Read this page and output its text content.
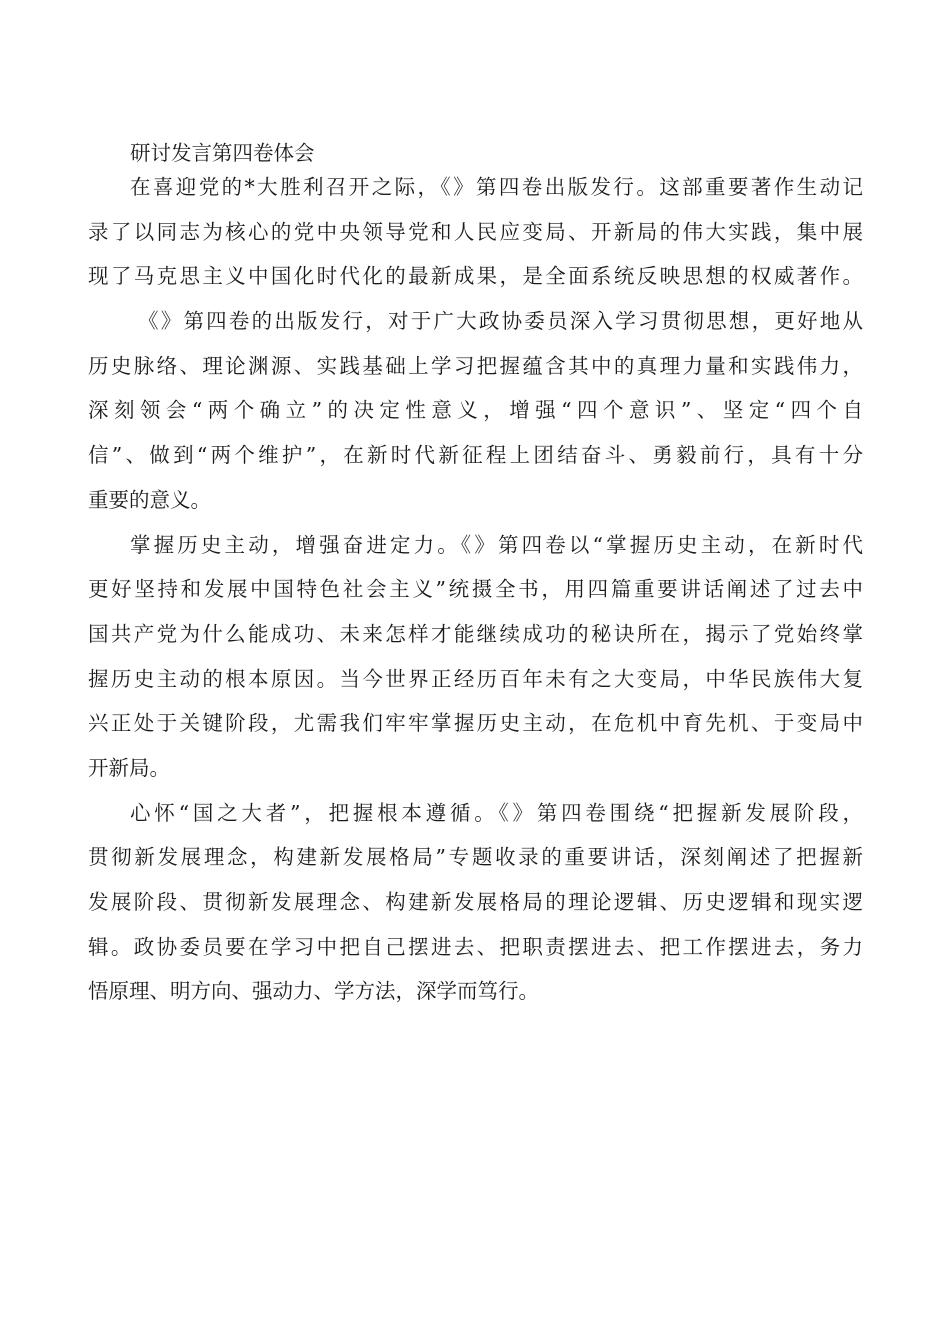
研讨发言第四卷体会
在喜迎党的*大胜利召开之际，《》第四卷出版发行。这部重要著作生动记
录了以同志为核心的党中央领导党和人民应变局、开新局的伟大实践，集中展
现了马克思主义中国化时代化的最新成果，是全面系统反映思想的权威著作。
《》第四卷的出版发行，对于广大政协委员深入学习贯彻思想，更好地从
历史脉络、理论渊源、实践基础上学习把握蕴含其中的真理力量和实践伟力，
深刻领会“两个确立”的决定性意义，增强“四个意识”、坚定“四个自
信”、做到“两个维护”，在新时代新征程上团结奋斗、勇毅前行，具有十分
重要的意义。
掌握历史主动，增强奋进定力。《》第四卷以“掌握历史主动，在新时代
更好坚持和发展中国特色社会主义”统摄全书，用四篇重要讲话阐述了过去中
国共产党为什么能成功、未来怎样才能继续成功的秘诀所在，揭示了党始终掌
握历史主动的根本原因。当今世界正经历百年未有之大变局，中华民族伟大复
兴正处于关键阶段，尤需我们牢牢掌握历史主动，在危机中育先机、于变局中
开新局。
心怀“国之大者”，把握根本遵循。《》第四卷围绕“把握新发展阶段，
贯彻新发展理念，构建新发展格局”专题收录的重要讲话，深刻阐述了把握新
发展阶段、贯彻新发展理念、构建新发展格局的理论逻辑、历史逻辑和现实逻
辑。政协委员要在学习中把自己摆进去、把职责摆进去、把工作摆进去，务力
悟原理、明方向、强动力、学方法，深学而笃行。
